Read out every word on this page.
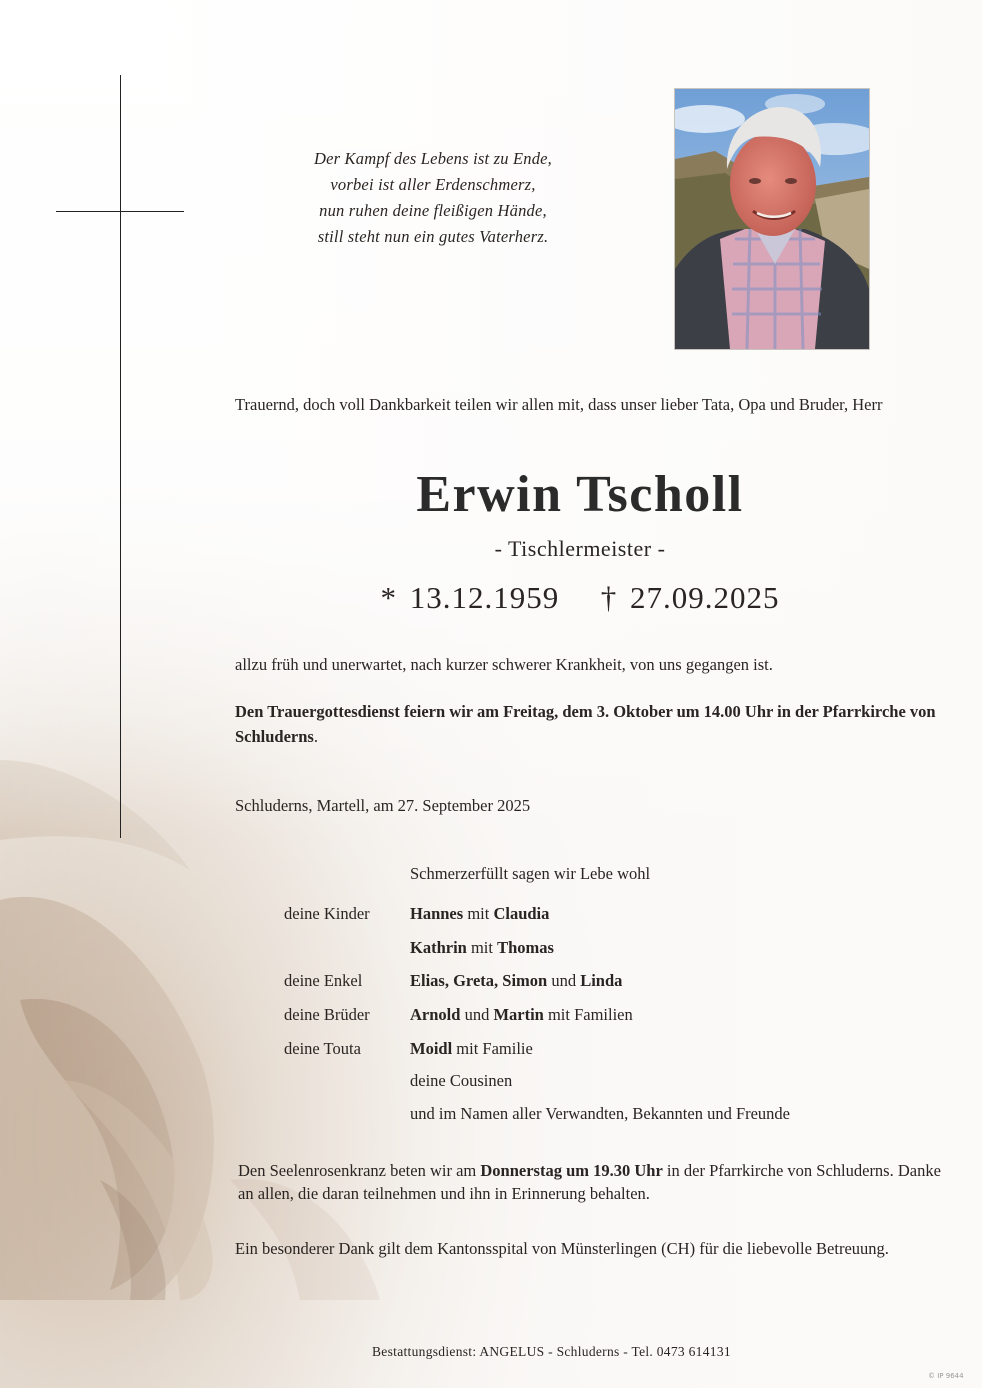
Der Kampf des Lebens ist zu Ende,
vorbei ist aller Erdenschmerz,
nun ruhen deine fleißigen Hände,
still steht nun ein gutes Vaterherz.
Trauernd, doch voll Dankbarkeit teilen wir allen mit, dass unser lieber Tata, Opa und Bruder, Herr
Erwin Tscholl
- Tischlermeister -
* 13.12.1959 † 27.09.2025
allzu früh und unerwartet, nach kurzer schwerer Krankheit, von uns gegangen ist.
Den Trauergottesdienst feiern wir am Freitag, dem 3. Oktober um 14.00 Uhr in der Pfarrkirche von Schluderns.
Schluderns, Martell, am 27. September 2025
Schmerzerfüllt sagen wir Lebe wohl
deine Kinder Hannes mit Claudia
Kathrin mit Thomas
deine Enkel	Elias, Greta, Simon und Linda
deine Brüder Arnold und Martin mit Familien
deine Touta	Moidl mit Familie
deine Cousinen
und im Namen aller Verwandten, Bekannten und Freunde
Den Seelenrosenkranz beten wir am Donnerstag um 19.30 Uhr in der Pfarrkirche von Schluderns. Danke an allen, die daran teilnehmen und ihn in Erinnerung behalten.
Ein besonderer Dank gilt dem Kantonsspital von Münsterlingen (CH) für die liebevolle Betreuung.
Bestattungsdienst: ANGELUS - Schluderns - Tel. 0473 614131
© IP 9644
